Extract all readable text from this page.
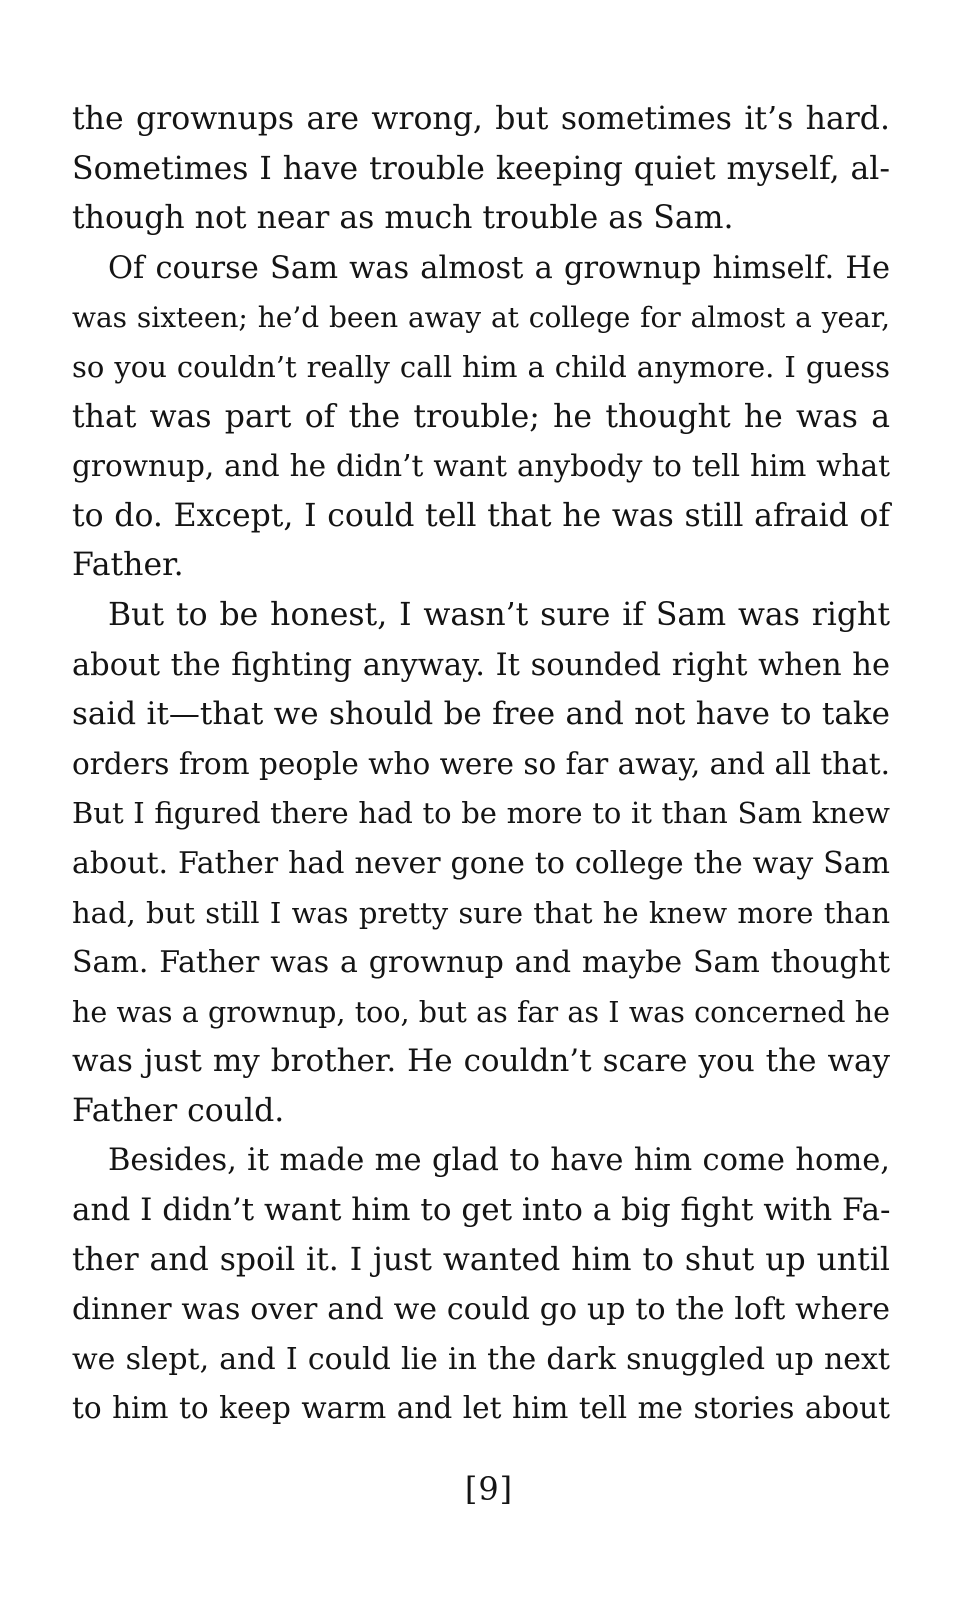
the grownups are wrong, but sometimes it’s hard.
Sometimes I have trouble keeping quiet myself, al-
though not near as much trouble as Sam.
Of course Sam was almost a grownup himself. He
was sixteen; he’d been away at college for almost a year,
so you couldn’t really call him a child anymore. I guess
that was part of the trouble; he thought he was a
grownup, and he didn’t want anybody to tell him what
to do. Except, I could tell that he was still afraid of
Father.
But to be honest, I wasn’t sure if Sam was right
about the fighting anyway. It sounded right when he
said it—that we should be free and not have to take
orders from people who were so far away, and all that.
But I figured there had to be more to it than Sam knew
about. Father had never gone to college the way Sam
had, but still I was pretty sure that he knew more than
Sam. Father was a grownup and maybe Sam thought
he was a grownup, too, but as far as I was concerned he
was just my brother. He couldn’t scare you the way
Father could.
Besides, it made me glad to have him come home,
and I didn’t want him to get into a big fight with Fa-
ther and spoil it. I just wanted him to shut up until
dinner was over and we could go up to the loft where
we slept, and I could lie in the dark snuggled up next
to him to keep warm and let him tell me stories about
[9]
